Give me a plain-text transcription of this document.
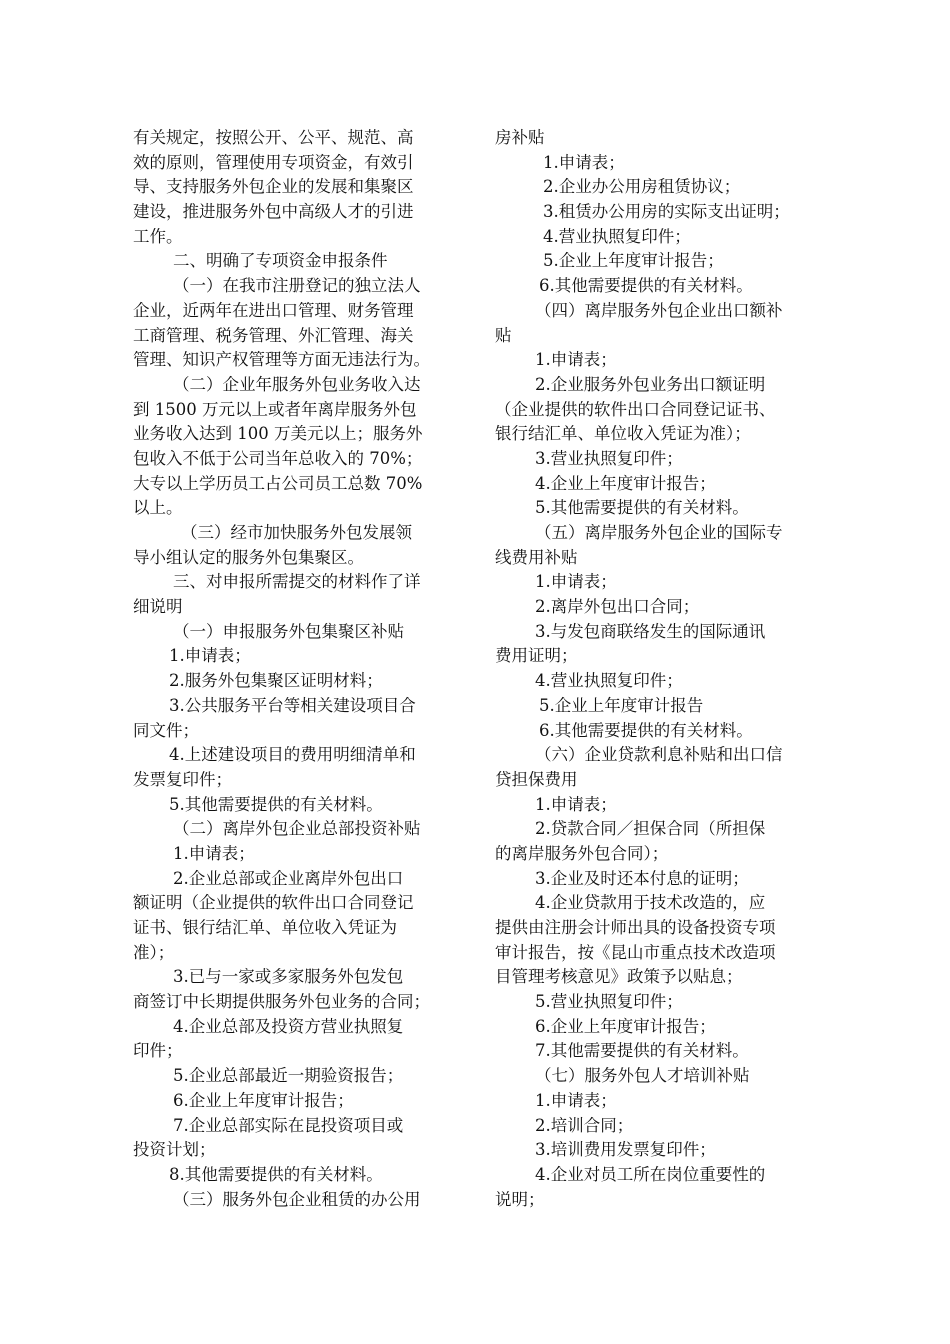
有关规定，按照公开、公平、规范、高
效的原则，管理使用专项资金，有效引
导、支持服务外包企业的发展和集聚区
建设，推进服务外包中高级人才的引进
工作。
二、明确了专项资金申报条件
（一）在我市注册登记的独立法人
企业，近两年在进出口管理、财务管理
工商管理、税务管理、外汇管理、海关
管理、知识产权管理等方面无违法行为。
（二）企业年服务外包业务收入达
到 1500 万元以上或者年离岸服务外包
业务收入达到 100 万美元以上；服务外
包收入不低于公司当年总收入的 70%；
大专以上学历员工占公司员工总数 70%
以上。
（三）经市加快服务外包发展领
导小组认定的服务外包集聚区。
三、对申报所需提交的材料作了详
细说明
（一）申报服务外包集聚区补贴
1.申请表；
2.服务外包集聚区证明材料；
3.公共服务平台等相关建设项目合
同文件；
4.上述建设项目的费用明细清单和
发票复印件；
5.其他需要提供的有关材料。
（二）离岸外包企业总部投资补贴
1.申请表；
2.企业总部或企业离岸外包出口
额证明（企业提供的软件出口合同登记
证书、银行结汇单、单位收入凭证为
准）；
3.已与一家或多家服务外包发包
商签订中长期提供服务外包业务的合同；
4.企业总部及投资方营业执照复
印件；
5.企业总部最近一期验资报告；
6.企业上年度审计报告；
7.企业总部实际在昆投资项目或
投资计划；
8.其他需要提供的有关材料。
（三）服务外包企业租赁的办公用
房补贴
1.申请表；
2.企业办公用房租赁协议；
3.租赁办公用房的实际支出证明；
4.营业执照复印件；
5.企业上年度审计报告；
6.其他需要提供的有关材料。
（四）离岸服务外包企业出口额补
贴
1.申请表；
2.企业服务外包业务出口额证明
（企业提供的软件出口合同登记证书、
银行结汇单、单位收入凭证为准）；
3.营业执照复印件；
4.企业上年度审计报告；
5.其他需要提供的有关材料。
（五）离岸服务外包企业的国际专
线费用补贴
1.申请表；
2.离岸外包出口合同；
3.与发包商联络发生的国际通讯
费用证明；
4.营业执照复印件；
5.企业上年度审计报告
6.其他需要提供的有关材料。
（六）企业贷款利息补贴和出口信
贷担保费用
1.申请表；
2.贷款合同／担保合同（所担保
的离岸服务外包合同）；
3.企业及时还本付息的证明；
4.企业贷款用于技术改造的，应
提供由注册会计师出具的设备投资专项
审计报告，按《昆山市重点技术改造项
目管理考核意见》政策予以贴息；
5.营业执照复印件；
6.企业上年度审计报告；
7.其他需要提供的有关材料。
（七）服务外包人才培训补贴
1.申请表；
2.培训合同；
3.培训费用发票复印件；
4.企业对员工所在岗位重要性的
说明；
